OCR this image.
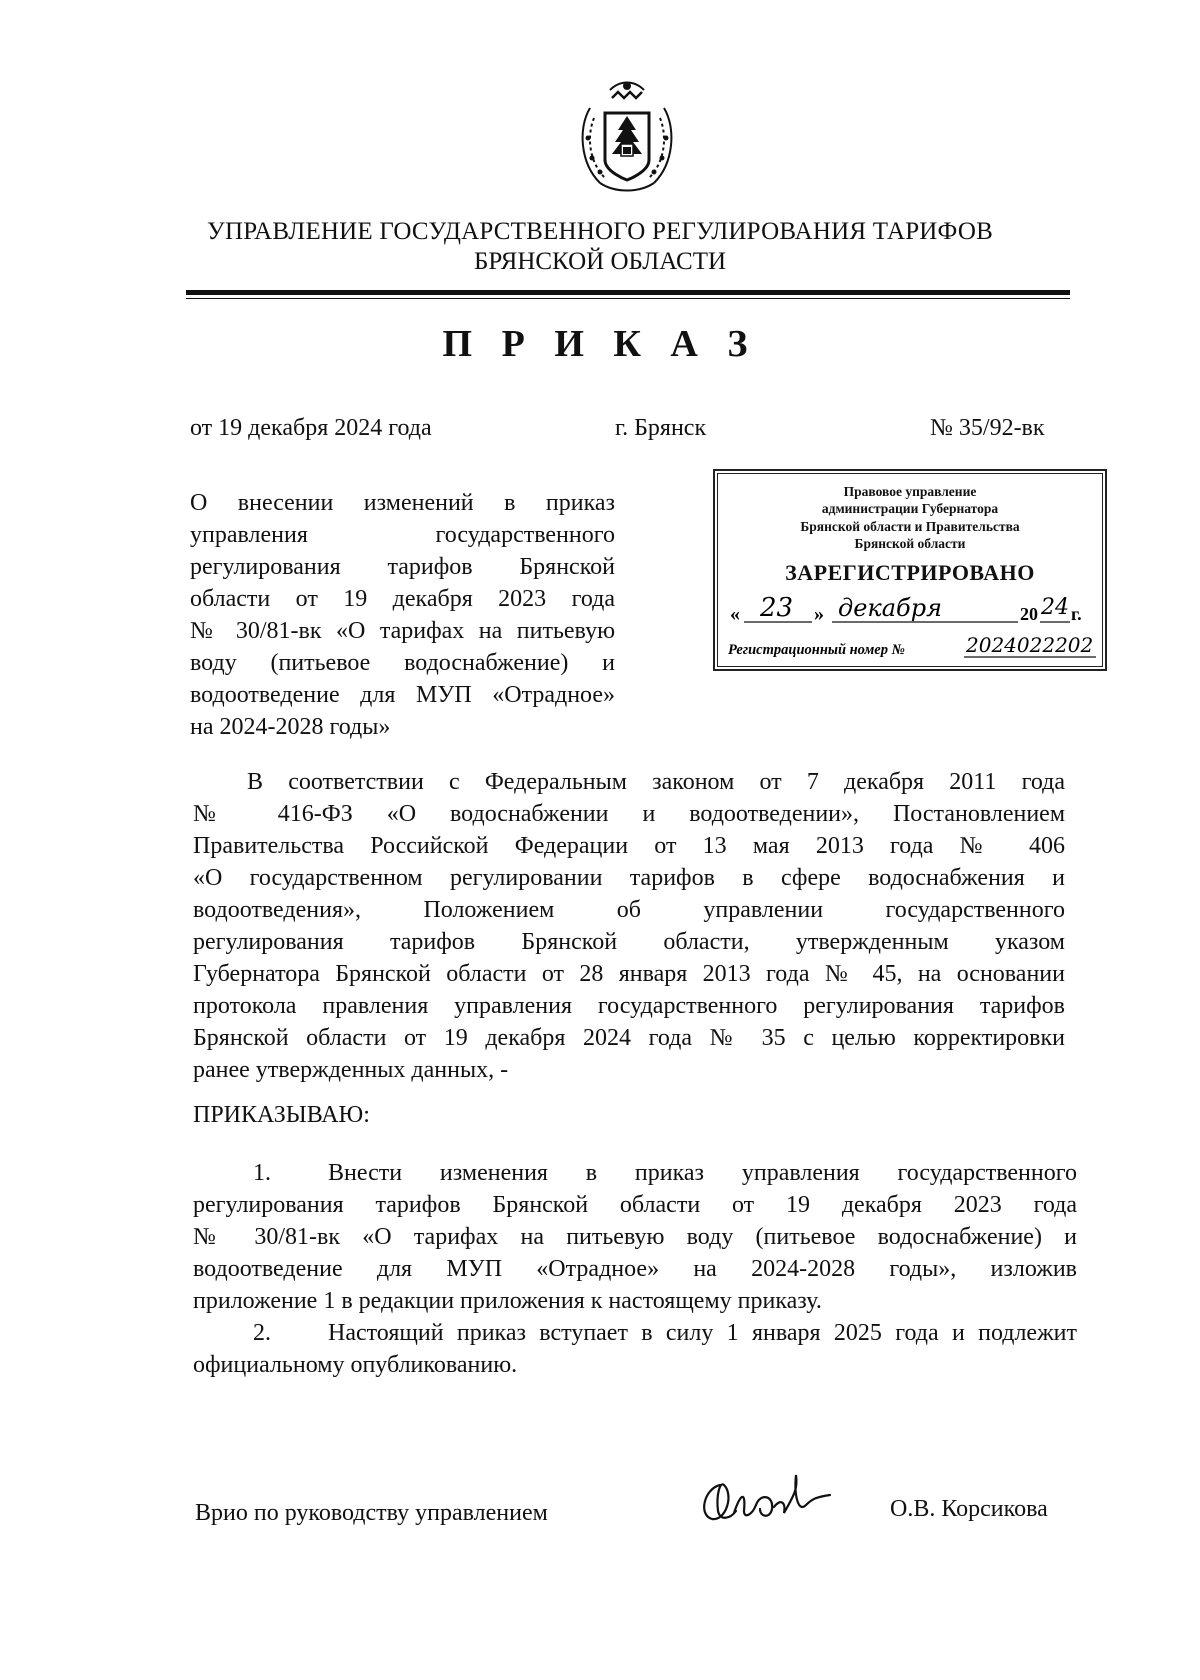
УПРАВЛЕНИЕ ГОСУДАРСТВЕННОГО РЕГУЛИРОВАНИЯ ТАРИФОВ
БРЯНСКОЙ ОБЛАСТИ
П Р И К А З
от 19 декабря 2024 года	г. Брянск	№ 35/92-вк
О внесении изменений в приказ
управления государственного
регулирования тарифов Брянской
области от 19 декабря 2023 года
№ 30/81-вк «О тарифах на питьевую
воду (питьевое водоснабжение) и
водоотведение для МУП «Отрадное»
на 2024-2028 годы»
Правовое управление
администрации Губернатора
Брянской области и Правительства
Брянской области
ЗАРЕГИСТРИРОВАНО
« 23 » декабря	20 24 г.
Регистрационный номер №	2024022202
В соответствии с Федеральным законом от 7 декабря 2011 года
№ 416-ФЗ «О водоснабжении и водоотведении», Постановлением
Правительства Российской Федерации от 13 мая 2013 года № 406
«О государственном регулировании тарифов в сфере водоснабжения и
водоотведения», Положением об управлении государственного
регулирования тарифов Брянской области, утвержденным указом
Губернатора Брянской области от 28 января 2013 года № 45, на основании
протокола правления управления государственного регулирования тарифов
Брянской области от 19 декабря 2024 года № 35 с целью корректировки
ранее утвержденных данных, -
ПРИКАЗЫВАЮ:
1. Внести изменения в приказ управления государственного
регулирования тарифов Брянской области от 19 декабря 2023 года
№ 30/81-вк «О тарифах на питьевую воду (питьевое водоснабжение) и
водоотведение для МУП «Отрадное» на 2024-2028 годы», изложив
приложение 1 в редакции приложения к настоящему приказу.
2. Настоящий приказ вступает в силу 1 января 2025 года и подлежит
официальному опубликованию.
Врио по руководству управлением	О.В. Корсикова
